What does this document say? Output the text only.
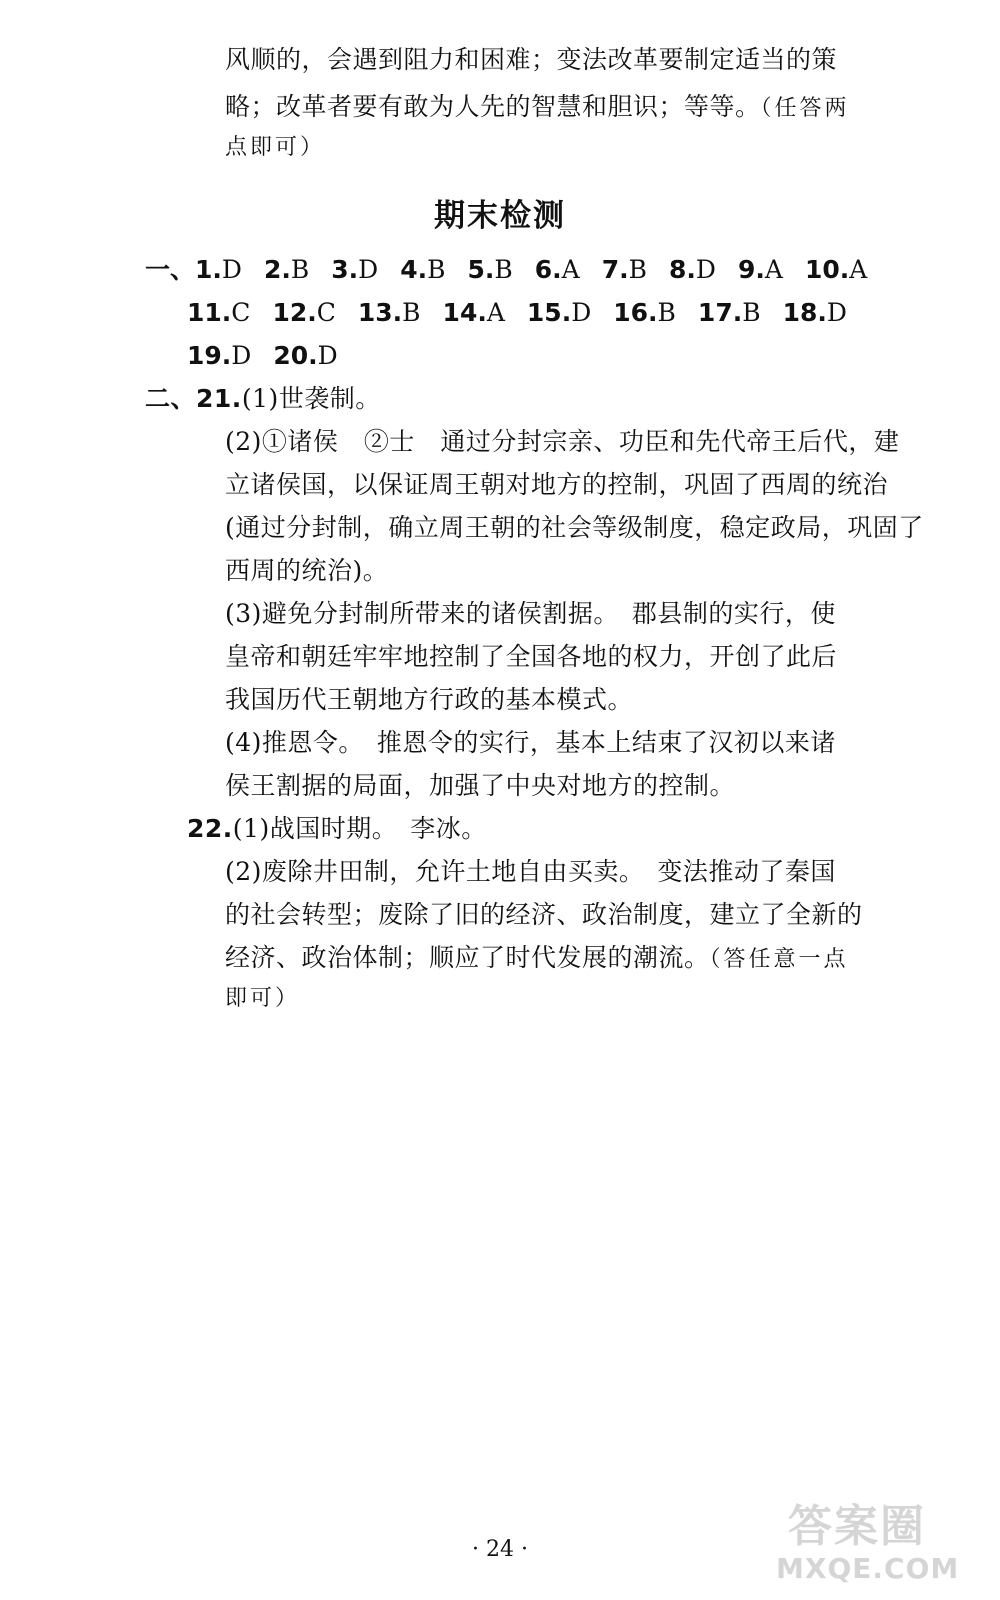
风顺的，会遇到阻力和困难；变法改革要制定适当的策
略；改革者要有敢为人先的智慧和胆识；等等。（任答两
点即可）
期末检测
一、1.D 2.B 3.D 4.B 5.B 6.A 7.B 8.D 9.A 10.A
11.C 12.C 13.B 14.A 15.D 16.B 17.B 18.D
19.D 20.D
二、21.(1)世袭制。
(2)①诸侯　②士　通过分封宗亲、功臣和先代帝王后代，建
立诸侯国，以保证周王朝对地方的控制，巩固了西周的统治
(通过分封制，确立周王朝的社会等级制度，稳定政局，巩固了
西周的统治)。
(3)避免分封制所带来的诸侯割据。　郡县制的实行，使
皇帝和朝廷牢牢地控制了全国各地的权力，开创了此后
我国历代王朝地方行政的基本模式。
(4)推恩令。　推恩令的实行，基本上结束了汉初以来诸
侯王割据的局面，加强了中央对地方的控制。
22.(1)战国时期。　李冰。
(2)废除井田制，允许土地自由买卖。　变法推动了秦国
的社会转型；废除了旧的经济、政治制度，建立了全新的
经济、政治体制；顺应了时代发展的潮流。（答任意一点
即可）
· 24 ·	答案圈
MXQE.COM
